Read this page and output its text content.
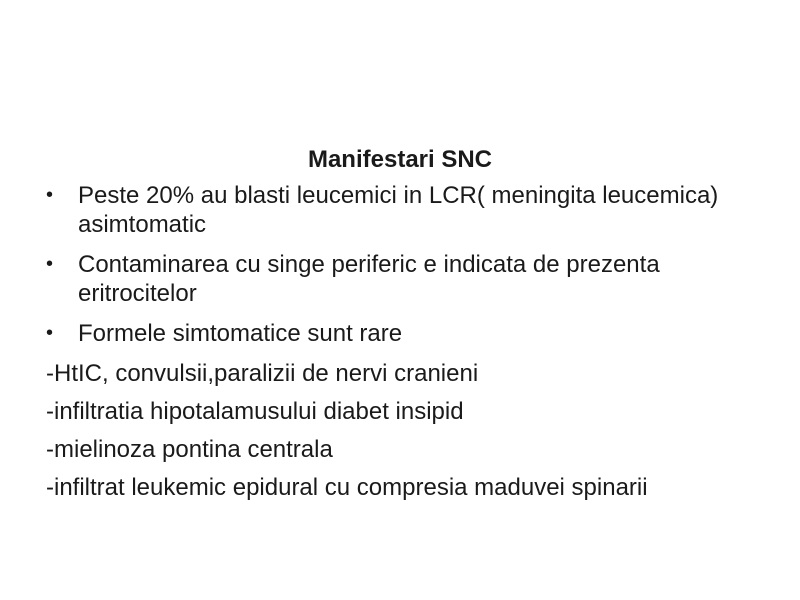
Manifestari SNC
• Peste 20% au blasti leucemici in LCR( meningita leucemica) asimtomatic
• Contaminarea cu singe periferic e indicata de prezenta eritrocitelor
• Formele simtomatice sunt rare
-HtIC, convulsii,paralizii de nervi cranieni
-infiltratia hipotalamusului diabet insipid
-mielinoza pontina centrala
-infiltrat leukemic epidural cu compresia maduvei spinarii
